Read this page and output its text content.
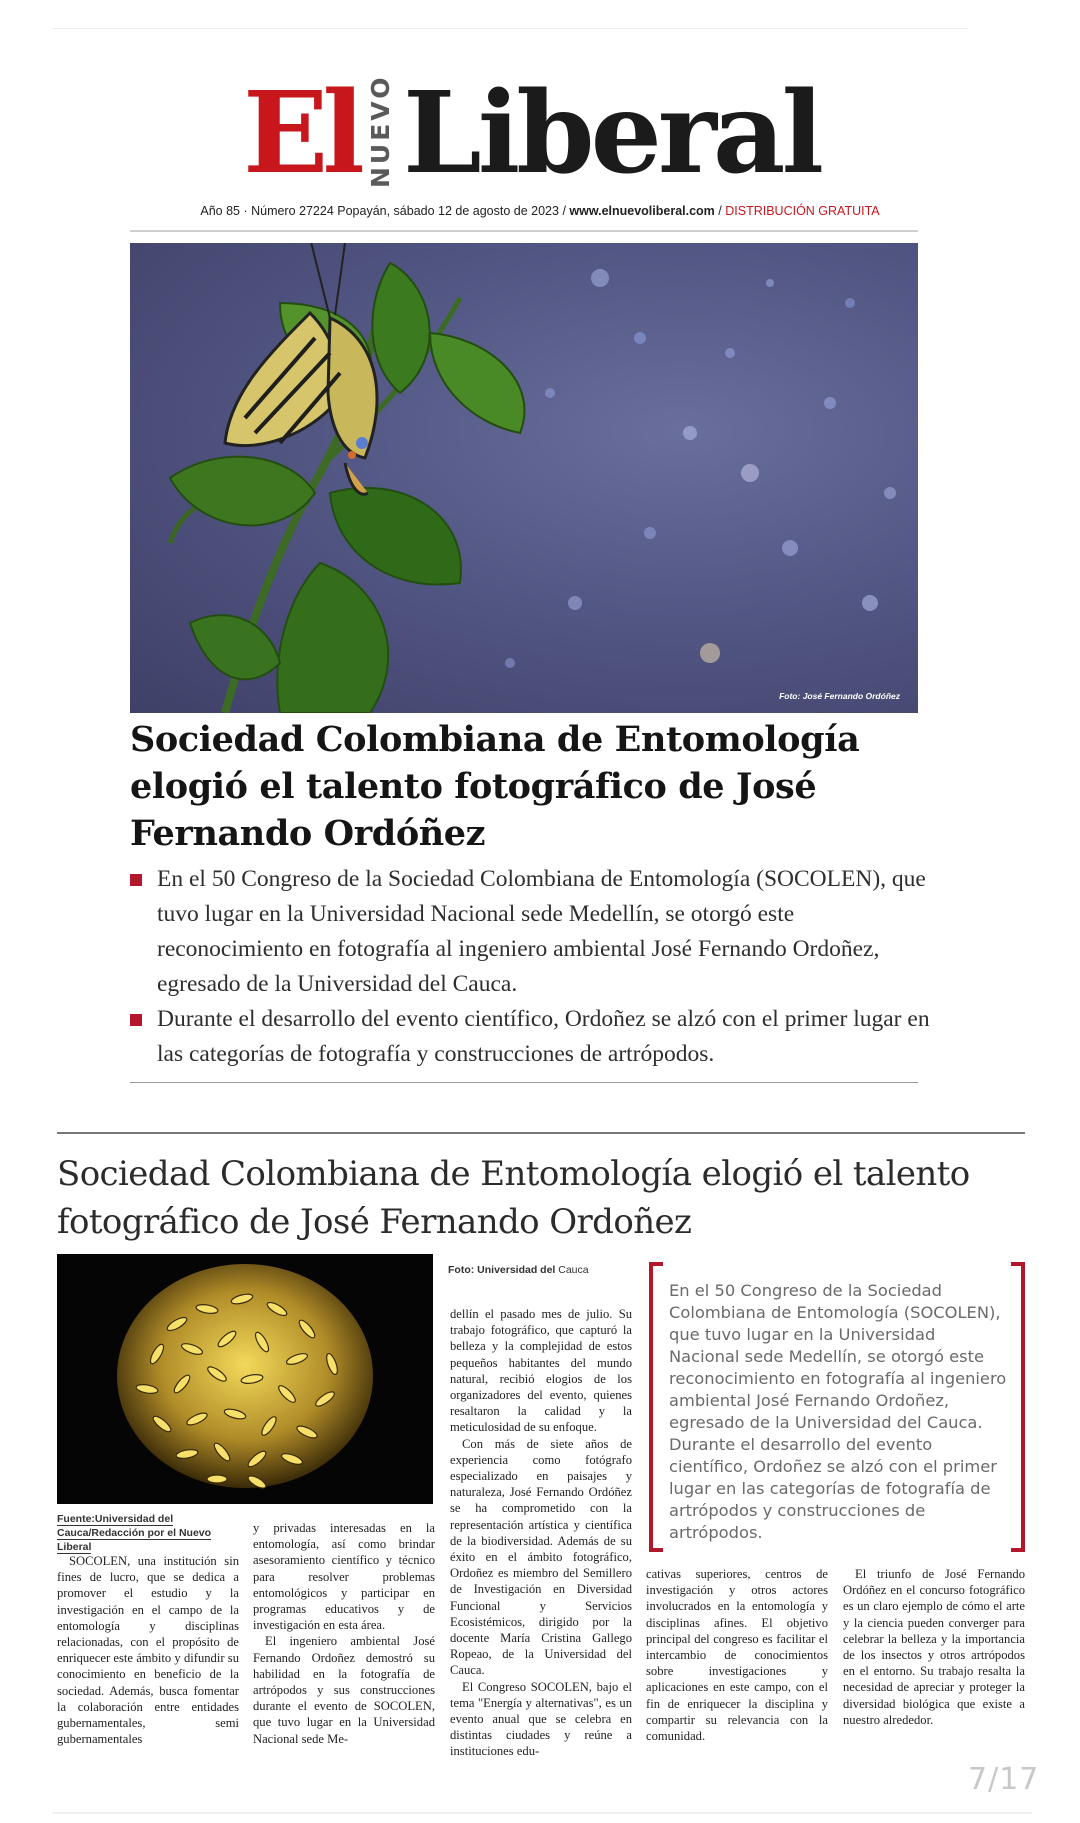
El NUEVO Liberal
Año 85 · Número 27224 Popayán, sábado 12 de agosto de 2023 / www.elnuevoliberal.com / DISTRIBUCIÓN GRATUITA
Foto: José Fernando Ordóñez
Sociedad Colombiana de Entomología elogió el talento fotográfico de José Fernando Ordóñez
En el 50 Congreso de la Sociedad Colombiana de Entomología (SOCOLEN), que tuvo lugar en la Universidad Nacional sede Medellín, se otorgó este reconocimiento en fotografía al ingeniero ambiental José Fernando Ordoñez, egresado de la Universidad del Cauca.
Durante el desarrollo del evento científico, Ordoñez se alzó con el primer lugar en las categorías de fotografía y construcciones de artrópodos.
Sociedad Colombiana de Entomología elogió el talento fotográfico de José Fernando Ordoñez
Fuente:Universidad del Cauca/Redacción por el Nuevo Liberal
Foto: Universidad del Cauca

SOCOLEN, una institución sin fines de lucro, que se dedica a promover el estudio y la investigación en el campo de la entomología y disciplinas relacionadas, con el propósito de enriquecer este ámbito y difundir su conocimiento en beneficio de la sociedad. Además, busca fomentar la colaboración entre entidades gubernamentales, semi gubernamentales

y privadas interesadas en la entomología, así como brindar asesoramiento científico y técnico para resolver problemas entomológicos y participar en programas educativos y de investigación en esta área.

El ingeniero ambiental José Fernando Ordoñez demostró su habilidad en la fotografía de artrópodos y sus construcciones durante el evento de SOCOLEN, que tuvo lugar en la Universidad Nacional sede Me-

dellín el pasado mes de julio. Su trabajo fotográfico, que capturó la belleza y la complejidad de estos pequeños habitantes del mundo natural, recibió elogios de los organizadores del evento, quienes resaltaron la calidad y la meticulosidad de su enfoque.

Con más de siete años de experiencia como fotógrafo especializado en paisajes y naturaleza, José Fernando Ordóñez se ha comprometido con la representación artística y científica de la biodiversidad. Además de su éxito en el ámbito fotográfico, Ordoñez es miembro del Semillero de Investigación en Diversidad Funcional y Servicios Ecosistémicos, dirigido por la docente María Cristina Gallego Ropeao, de la Universidad del Cauca.

El Congreso SOCOLEN, bajo el tema "Energía y alternativas", es un evento anual que se celebra en distintas ciudades y reúne a instituciones edu-

cativas superiores, centros de investigación y otros actores involucrados en la entomología y disciplinas afines. El objetivo principal del congreso es facilitar el intercambio de conocimientos sobre investigaciones y aplicaciones en este campo, con el fin de enriquecer la disciplina y compartir su relevancia con la comunidad.

El triunfo de José Fernando Ordóñez en el concurso fotográfico es un claro ejemplo de cómo el arte y la ciencia pueden converger para celebrar la belleza y la importancia de los insectos y otros artrópodos en el entorno. Su trabajo resalta la necesidad de apreciar y proteger la diversidad biológica que existe a nuestro alrededor.

En el 50 Congreso de la Sociedad Colombiana de Entomología (SOCOLEN), que tuvo lugar en la Universidad Nacional sede Medellín, se otorgó este reconocimiento en fotografía al ingeniero ambiental José Fernando Ordoñez, egresado de la Universidad del Cauca. Durante el desarrollo del evento científico, Ordoñez se alzó con el primer lugar en las categorías de fotografía de artrópodos y construcciones de artrópodos.
7/17
